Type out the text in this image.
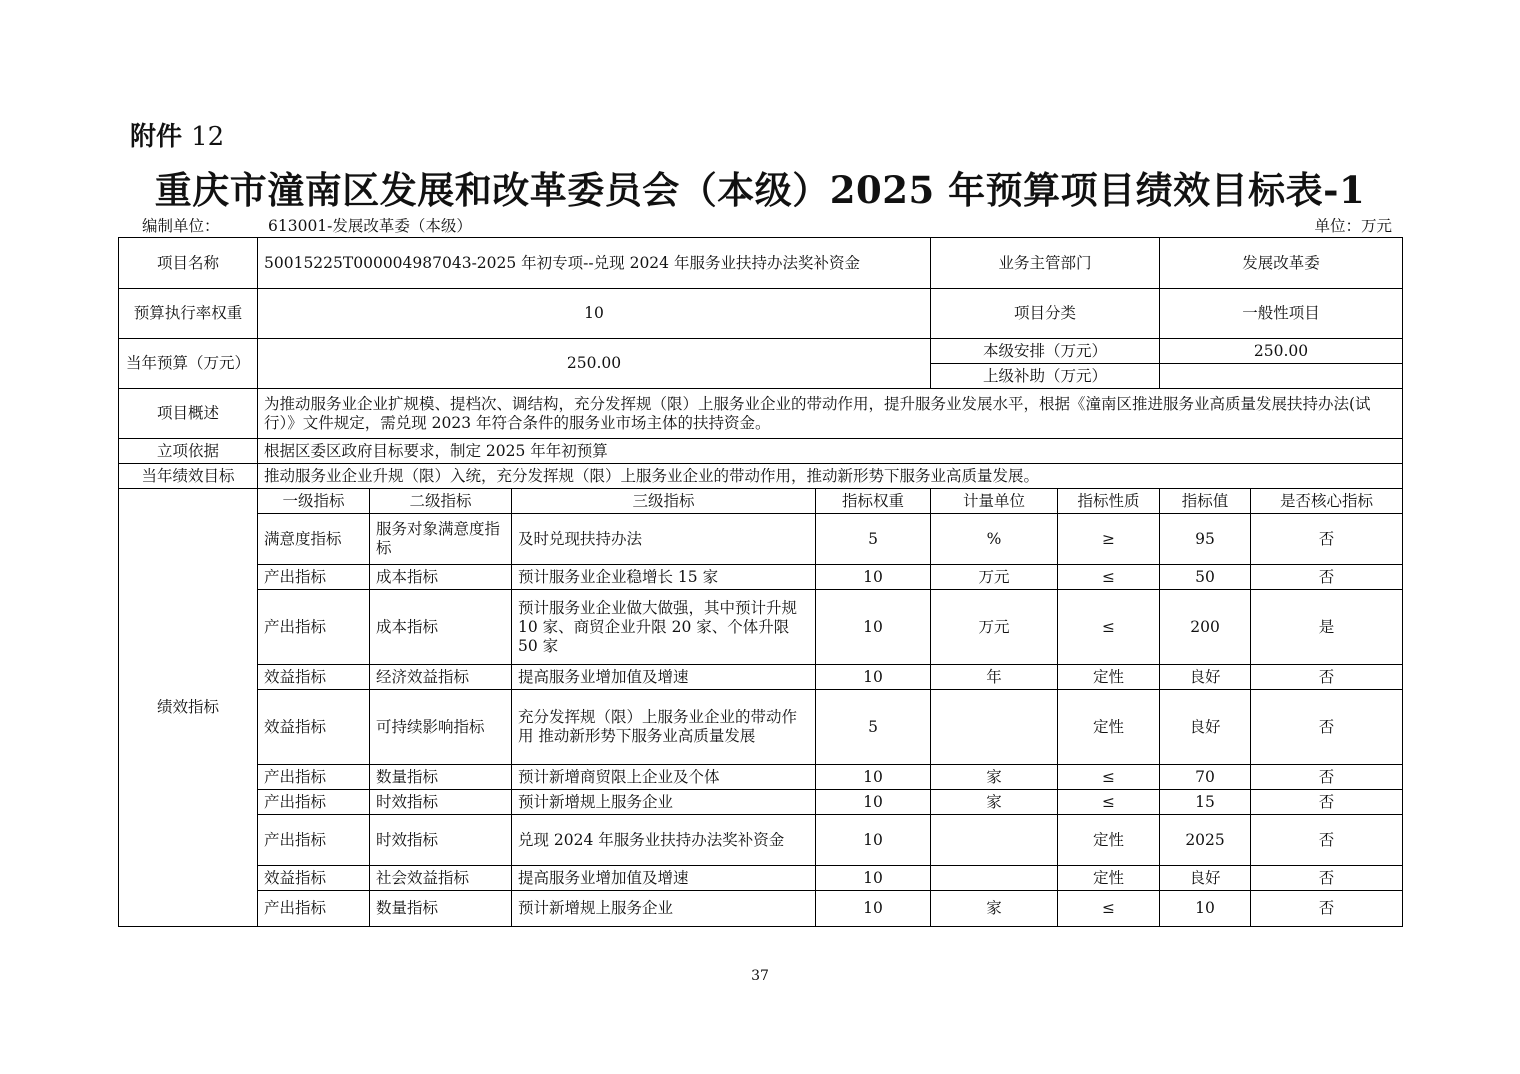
附件 12
重庆市潼南区发展和改革委员会（本级）2025 年预算项目绩效目标表-1
编制单位：	613001-发展改革委（本级）	单位：万元
项目名称	50015225T000004987043-2025 年初专项--兑现 2024 年服务业扶持办法奖补资金				业务主管部门		发展改革委	
预算执行率权重	10				项目分类		一般性项目	
当年预算（万元）	250.00				本级安排（万元）		250.00	
					上级补助（万元）			
项目概述	为推动服务业企业扩规模、提档次、调结构，充分发挥规（限）上服务业企业的带动作用，提升服务业发展水平，根据《潼南区推进服务业高质量发展扶持办法(试行）》文件规定，需兑现 2023 年符合条件的服务业市场主体的扶持资金。							
立项依据	根据区委区政府目标要求，制定 2025 年年初预算							
当年绩效目标	推动服务业企业升规（限）入统，充分发挥规（限）上服务业企业的带动作用，推动新形势下服务业高质量发展。							
绩效指标	一级指标	二级指标	三级指标	指标权重	计量单位	指标性质	指标值	是否核心指标
	满意度指标	服务对象满意度指标	及时兑现扶持办法	5	%	≥	95	否
	产出指标	成本指标	预计服务业企业稳增长 15 家	10	万元	≤	50	否
	产出指标	成本指标	预计服务业企业做大做强，其中预计升规 10 家、商贸企业升限 20 家、个体升限 50 家	10	万元	≤	200	是
	效益指标	经济效益指标	提高服务业增加值及增速	10	年	定性	良好	否
	效益指标	可持续影响指标	充分发挥规（限）上服务业企业的带动作用 推动新形势下服务业高质量发展	5		定性	良好	否
	产出指标	数量指标	预计新增商贸限上企业及个体	10	家	≤	70	否
	产出指标	时效指标	预计新增规上服务企业	10	家	≤	15	否
	产出指标	时效指标	兑现 2024 年服务业扶持办法奖补资金	10		定性	2025	否
	效益指标	社会效益指标	提高服务业增加值及增速	10		定性	良好	否
	产出指标	数量指标	预计新增规上服务企业	10	家	≤	10	否
37
